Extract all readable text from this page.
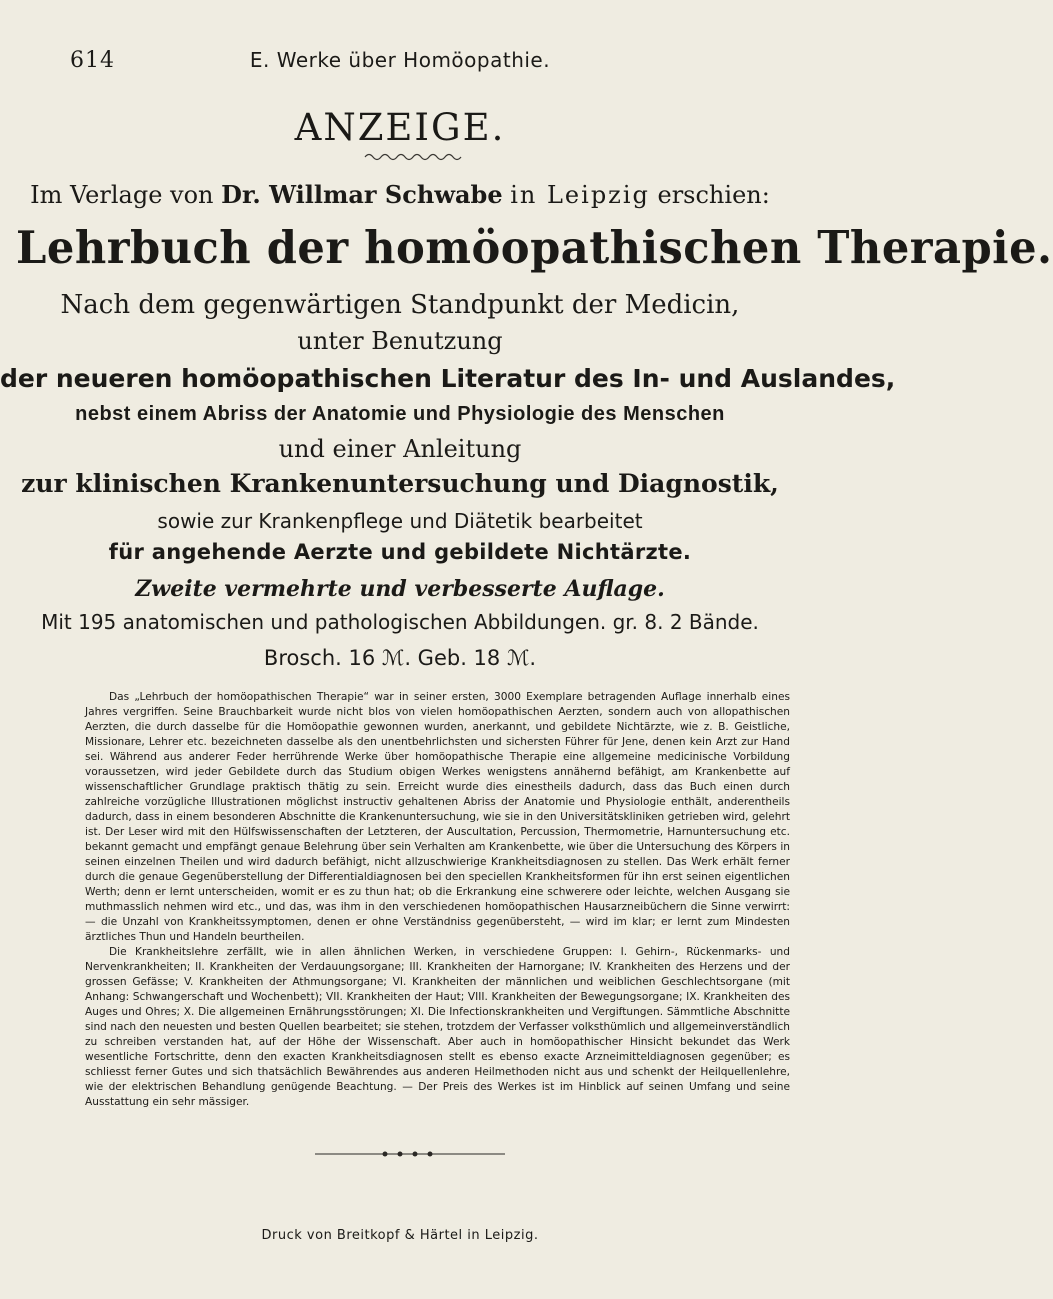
614	E. Werke über Homöopathie.
ANZEIGE.
Im Verlage von Dr. Willmar Schwabe in Leipzig erschien:
Lehrbuch der homöopathischen Therapie.
Nach dem gegenwärtigen Standpunkt der Medicin,
unter Benutzung
der neueren homöopathischen Literatur des In- und Auslandes,
nebst einem Abriss der Anatomie und Physiologie des Menschen
und einer Anleitung
zur klinischen Krankenuntersuchung und Diagnostik,
sowie zur Krankenpflege und Diätetik bearbeitet
für angehende Aerzte und gebildete Nichtärzte.
Zweite vermehrte und verbesserte Auflage.
Mit 195 anatomischen und pathologischen Abbildungen. gr. 8. 2 Bände.
Brosch. 16 ℳ. Geb. 18 ℳ.

Das „Lehrbuch der homöopathischen Therapie“ war in seiner ersten, 3000 Exemplare betragenden Auflage innerhalb eines Jahres vergriffen. Seine Brauchbarkeit wurde nicht blos von vielen homöopathischen Aerzten, sondern auch von allopathischen Aerzten, die durch dasselbe für die Homöopathie gewonnen wurden, anerkannt, und gebildete Nichtärzte, wie z. B. Geistliche, Missionare, Lehrer etc. bezeichneten dasselbe als den unentbehrlichsten und sichersten Führer für Jene, denen kein Arzt zur Hand sei. Während aus anderer Feder herrührende Werke über homöopathische Therapie eine allgemeine medicinische Vorbildung voraussetzen, wird jeder Gebildete durch das Studium obigen Werkes wenigstens annähernd befähigt, am Krankenbette auf wissenschaftlicher Grundlage praktisch thätig zu sein. Erreicht wurde dies einestheils dadurch, dass das Buch einen durch zahlreiche vorzügliche Illustrationen möglichst instructiv gehaltenen Abriss der Anatomie und Physiologie enthält, anderentheils dadurch, dass in einem besonderen Abschnitte die Krankenuntersuchung, wie sie in den Universitätskliniken getrieben wird, gelehrt ist. Der Leser wird mit den Hülfswissenschaften der Letzteren, der Auscultation, Percussion, Thermometrie, Harnuntersuchung etc. bekannt gemacht und empfängt genaue Belehrung über sein Verhalten am Krankenbette, wie über die Untersuchung des Körpers in seinen einzelnen Theilen und wird dadurch befähigt, nicht allzuschwierige Krankheitsdiagnosen zu stellen. Das Werk erhält ferner durch die genaue Gegenüberstellung der Differentialdiagnosen bei den speciellen Krankheitsformen für ihn erst seinen eigentlichen Werth; denn er lernt unterscheiden, womit er es zu thun hat; ob die Erkrankung eine schwerere oder leichte, welchen Ausgang sie muthmasslich nehmen wird etc., und das, was ihm in den verschiedenen homöopathischen Hausarzneibüchern die Sinne verwirrt: — die Unzahl von Krankheitssymptomen, denen er ohne Verständniss gegenübersteht, — wird im klar; er lernt zum Mindesten ärztliches Thun und Handeln beurtheilen.

Die Krankheitslehre zerfällt, wie in allen ähnlichen Werken, in verschiedene Gruppen: I. Gehirn-, Rückenmarks- und Nervenkrankheiten; II. Krankheiten der Verdauungsorgane; III. Krankheiten der Harnorgane; IV. Krankheiten des Herzens und der grossen Gefässe; V. Krankheiten der Athmungsorgane; VI. Krankheiten der männlichen und weiblichen Geschlechtsorgane (mit Anhang: Schwangerschaft und Wochenbett); VII. Krankheiten der Haut; VIII. Krankheiten der Bewegungsorgane; IX. Krankheiten des Auges und Ohres; X. Die allgemeinen Ernährungsstörungen; XI. Die Infectionskrankheiten und Vergiftungen. Sämmtliche Abschnitte sind nach den neuesten und besten Quellen bearbeitet; sie stehen, trotzdem der Verfasser volksthümlich und allgemeinverständlich zu schreiben verstanden hat, auf der Höhe der Wissenschaft. Aber auch in homöopathischer Hinsicht bekundet das Werk wesentliche Fortschritte, denn den exacten Krankheitsdiagnosen stellt es ebenso exacte Arzneimitteldiagnosen gegenüber; es schliesst ferner Gutes und sich thatsächlich Bewährendes aus anderen Heilmethoden nicht aus und schenkt der Heilquellenlehre, wie der elektrischen Behandlung genügende Beachtung. — Der Preis des Werkes ist im Hinblick auf seinen Umfang und seine Ausstattung ein sehr mässiger.

Druck von Breitkopf & Härtel in Leipzig.
